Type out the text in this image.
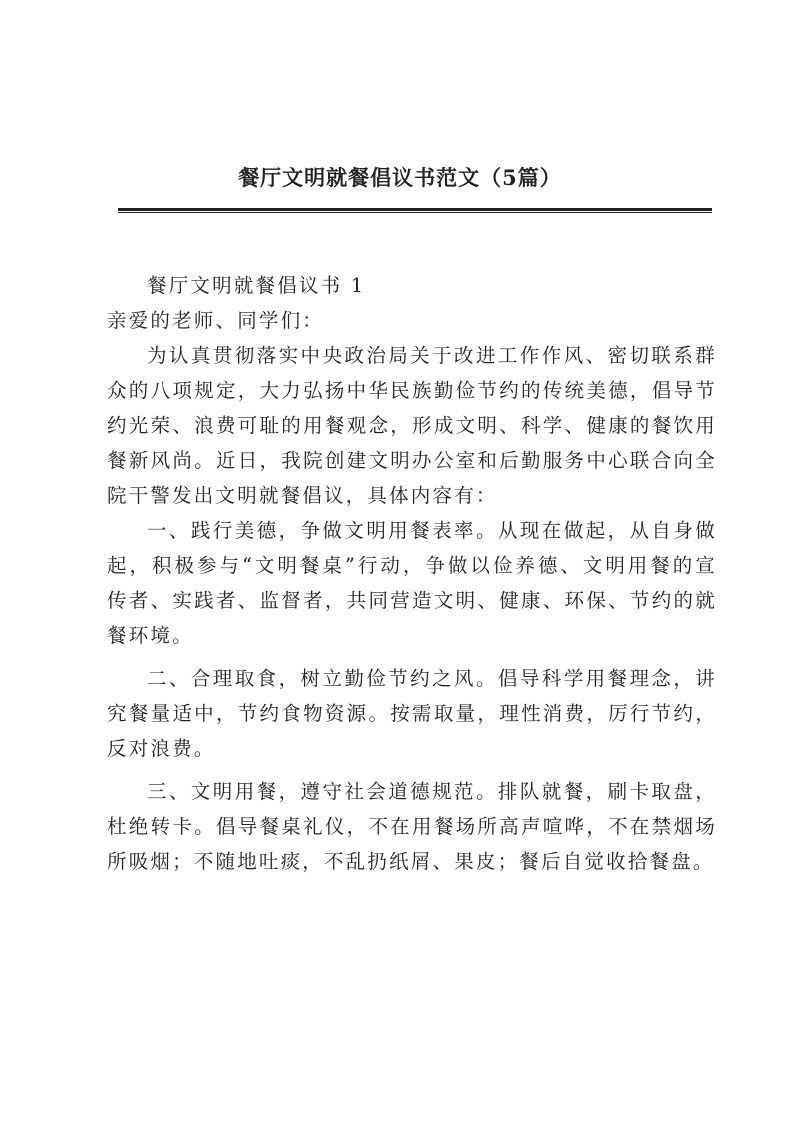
餐厅文明就餐倡议书范文（5篇）

餐厅文明就餐倡议书 1

亲爱的老师、同学们：

为认真贯彻落实中央政治局关于改进工作作风、密切联系群众的八项规定，大力弘扬中华民族勤俭节约的传统美德，倡导节约光荣、浪费可耻的用餐观念，形成文明、科学、健康的餐饮用餐新风尚。近日，我院创建文明办公室和后勤服务中心联合向全院干警发出文明就餐倡议，具体内容有：

一、践行美德，争做文明用餐表率。从现在做起，从自身做起，积极参与“文明餐桌”行动，争做以俭养德、文明用餐的宣传者、实践者、监督者，共同营造文明、健康、环保、节约的就餐环境。

二、合理取食，树立勤俭节约之风。倡导科学用餐理念，讲究餐量适中，节约食物资源。按需取量，理性消费，厉行节约，反对浪费。

三、文明用餐，遵守社会道德规范。排队就餐，刷卡取盘，杜绝转卡。倡导餐桌礼仪，不在用餐场所高声喧哗，不在禁烟场所吸烟；不随地吐痰，不乱扔纸屑、果皮；餐后自觉收拾餐盘。
